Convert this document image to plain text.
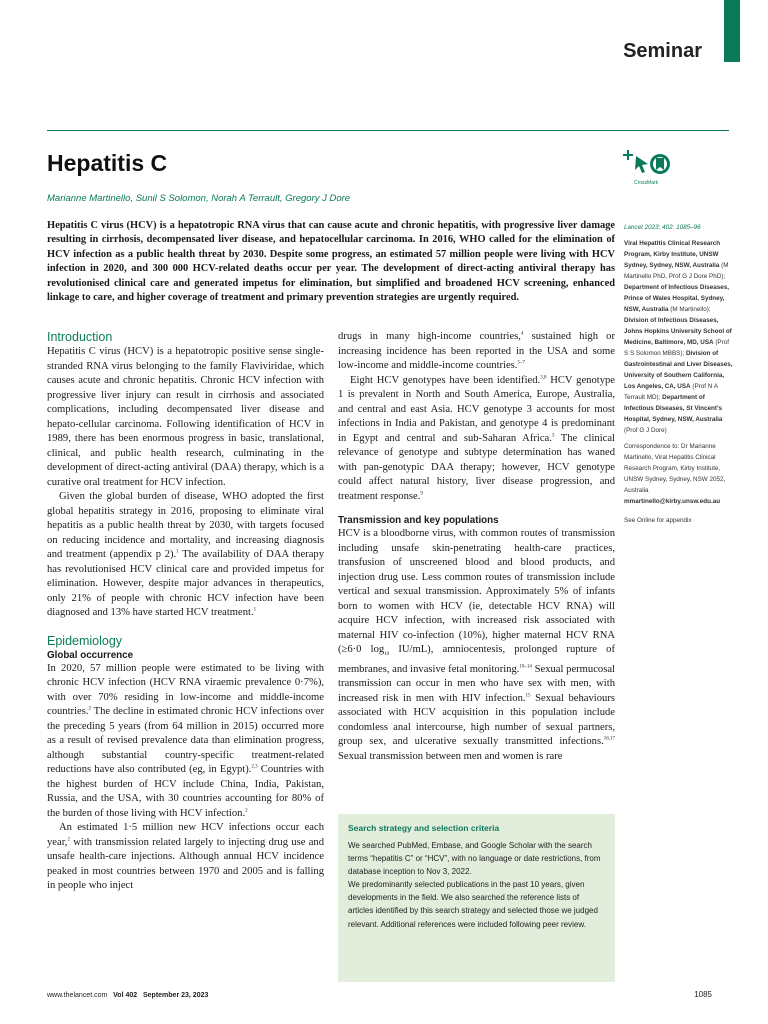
Seminar
Hepatitis C
CrossMark
Marianne Martinello, Sunil S Solomon, Norah A Terrault, Gregory J Dore

Hepatitis C virus (HCV) is a hepatotropic RNA virus that can cause acute and chronic hepatitis, with progressive liver damage resulting in cirrhosis, decompensated liver disease, and hepatocellular carcinoma. In 2016, WHO called for the elimination of HCV infection as a public health threat by 2030. Despite some progress, an estimated 57 million people were living with HCV infection in 2020, and 300 000 HCV-related deaths occur per year. The development of direct-acting antiviral therapy has revolutionised clinical care and generated impetus for elimination, but simplified and broadened HCV screening, enhanced linkage to care, and higher coverage of treatment and primary prevention strategies are urgently required.

Introduction

Hepatitis C virus (HCV) is a hepatotropic positive sense single-stranded RNA virus belonging to the family Flaviviridae, which causes acute and chronic hepatitis. Chronic HCV infection with progressive liver injury can result in cirrhosis and associated complications, including decompensated liver disease and hepato-cellular carcinoma. Following identification of HCV in 1989, there has been enormous progress in basic, translational, clinical, and public health research, culminating in the development of direct-acting antiviral (DAA) therapy, which is a curative oral treatment for HCV infection.

Given the global burden of disease, WHO adopted the first global hepatitis strategy in 2016, proposing to eliminate viral hepatitis as a public health threat by 2030, with targets focused on reducing incidence and mortality, and increasing diagnosis and treatment (appendix p 2).$^1$ The availability of DAA therapy has revolutionised HCV clinical care and provided impetus for elimination. However, despite major advances in therapeutics, only 21% of people with chronic HCV infection have been diagnosed and 13% have started HCV treatment.$^1$

Epidemiology
Global occurrence

In 2020, 57 million people were estimated to be living with chronic HCV infection (HCV RNA viraemic prevalence 0·7%), with over 70% residing in low-income and middle-income countries.$^2$ The decline in estimated chronic HCV infections over the preceding 5 years (from 64 million in 2015) occurred more as a result of revised prevalence data than elimination progress, although substantial country-specific treatment-related reductions have also contributed (eg, in Egypt).$^{2,3}$ Countries with the highest burden of HCV include China, India, Pakistan, Russia, and the USA, with 30 countries accounting for 80% of the burden of those living with HCV infection.$^2$

An estimated 1·5 million new HCV infections occur each year,$^2$ with transmission related largely to injecting drug use and unsafe health-care injections. Although annual HCV incidence peaked in most countries between 1970 and 2005 and is falling in people who inject

drugs in many high-income countries,$^4$ sustained high or increasing incidence has been reported in the USA and some low-income and middle-income countries.$^{5-7}$

Eight HCV genotypes have been identified.$^{3,8}$ HCV genotype 1 is prevalent in North and South America, Europe, Australia, and central and east Asia. HCV genotype 3 accounts for most infections in India and Pakistan, and genotype 4 is predominant in Egypt and central and sub-Saharan Africa.$^3$ The clinical relevance of genotype and subtype determination has waned with pan-genotypic DAA therapy; however, HCV genotype could affect natural history, liver disease progression, and treatment response.$^9$

Transmission and key populations

HCV is a bloodborne virus, with common routes of transmission including unsafe skin-penetrating health-care practices, transfusion of unscreened blood and blood products, and injection drug use. Less common routes of transmission include vertical and sexual transmission. Approximately 5% of infants born to women with HCV (ie, detectable HCV RNA) will acquire HCV infection, with increased risk associated with maternal HIV co-infection (10%), higher maternal HCV RNA (≥6·0 $\log_{10} IU/mL$), amniocentesis, prolonged rupture of membranes, and invasive fetal monitoring.$^{10-14}$ Sexual permucosal transmission can occur in men who have sex with men, with increased risk in men with HIV infection.$^{15}$ Sexual behaviours associated with HCV acquisition in this population include condomless anal intercourse, high number of sexual partners, group sex, and ulcerative sexually transmitted infections.$^{16,17}$ Sexual transmission between men and women is rare

Search strategy and selection criteria

We searched PubMed, Embase, and Google Scholar with the search terms “hepatitis C” or “HCV”, with no language or date restrictions, from database inception to Nov 3, 2022.

We predominantly selected publications in the past 10 years, given developments in the field. We also searched the reference lists of articles identified by this search strategy and selected those we judged relevant. Additional references were included following peer review.

Lancet 2023; 402: 1085–96

Viral Hepatitis Clinical Research Program, Kirby Institute, UNSW Sydney, Sydney, NSW, Australia (M Martinello PhD, Prof G J Dore PhD); Department of Infectious Diseases, Prince of Wales Hospital, Sydney, NSW, Australia (M Martinello); Division of Infectious Diseases, Johns Hopkins University School of Medicine, Baltimore, MD, USA (Prof S S Solomon MBBS); Division of Gastrointestinal and Liver Diseases, University of Southern California, Los Angeles, CA, USA (Prof N A Terrault MD); Department of Infectious Diseases, St Vincent’s Hospital, Sydney, NSW, Australia (Prof G J Dore)

Correspondence to: Dr Marianne Martinello, Viral Hepatitis Clinical Research Program, Kirby Institute, UNSW Sydney, Sydney, NSW 2052, Australia
mmartinello@kirby.unsw.edu.au

See Online for appendix

www.thelancet.com Vol 402 September 23, 2023	1085
